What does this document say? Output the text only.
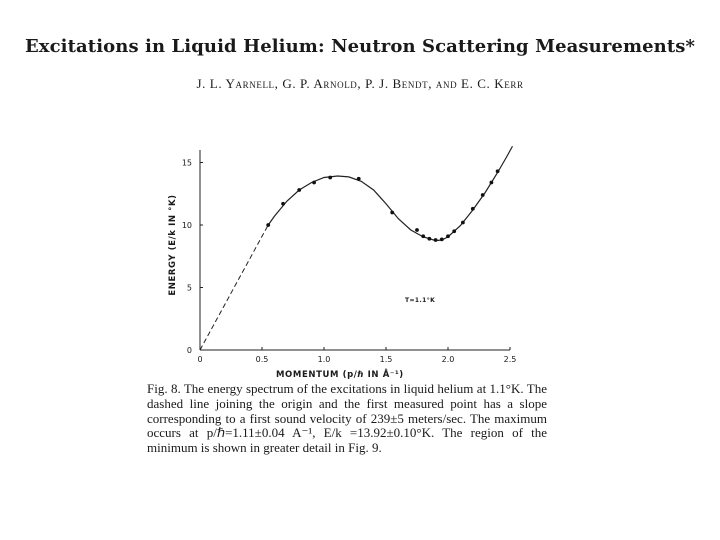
Excitations in Liquid Helium: Neutron Scattering Measurements*
J. L. Yarnell, G. P. Arnold, P. J. Bendt, and E. C. Kerr
0	0.5	1.0	1.5	2.0	2.5
0
5
10
15
MOMENTUM (p/ℏ IN Å⁻¹)
ENERGY (E/k IN °K)
T=1.1°K
Fig. 8. The energy spectrum of the excitations in liquid helium at 1.1°K. The dashed line joining the origin and the first measured point has a slope corresponding to a first sound velocity of 239±5 meters/sec. The maximum occurs at p/ℏ=1.11±0.04 A⁻¹, E/k =13.92±0.10°K. The region of the minimum is shown in greater detail in Fig. 9.
